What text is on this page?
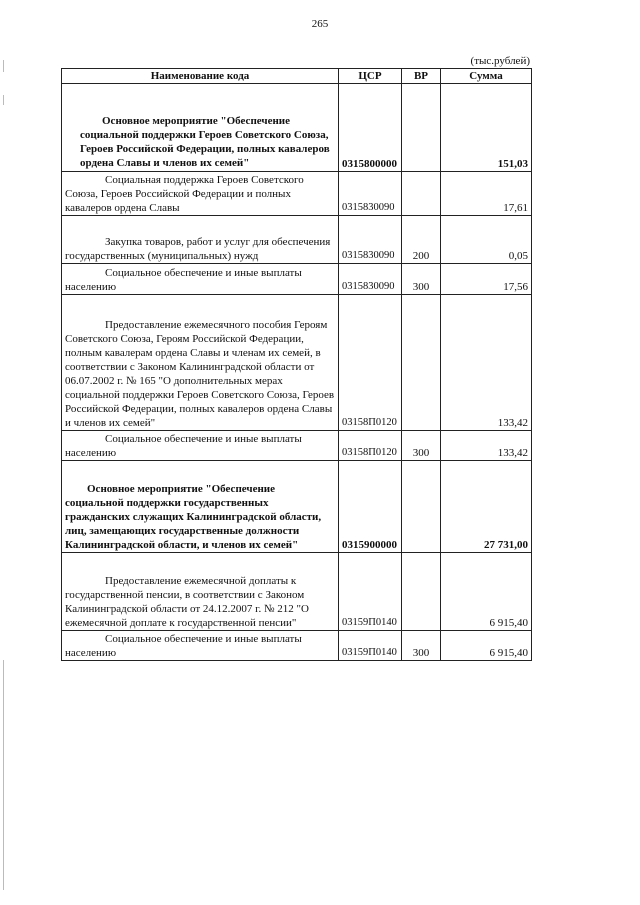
265
(тыс.рублей)
Наименование кода	ЦСР	ВР	Сумма
Основное мероприятие "Обеспечение социальной поддержки Героев Советского Союза, Героев Российской Федерации, полных кавалеров ордена Славы и членов их семей"	0315800000		151,03
Социальная поддержка Героев Советского Союза, Героев Российской Федерации и полных кавалеров ордена Славы	0315830090		17,61
Закупка товаров, работ и услуг для обеспечения государственных (муниципальных) нужд	0315830090	200	0,05
Социальное обеспечение и иные выплаты населению	0315830090	300	17,56
Предоставление ежемесячного пособия Героям Советского Союза, Героям Российской Федерации, полным кавалерам ордена Славы и членам их семей, в соответствии с Законом Калининградской области от 06.07.2002 г. № 165 "О дополнительных мерах социальной поддержки Героев Советского Союза, Героев Российской Федерации, полных кавалеров ордена Славы и членов их семей"	03158П0120		133,42
Социальное обеспечение и иные выплаты населению	03158П0120	300	133,42
Основное мероприятие "Обеспечение социальной поддержки государственных гражданских служащих Калининградской области, лиц, замещающих государственные должности Калининградской области, и членов их семей"	0315900000		27 731,00
Предоставление ежемесячной доплаты к государственной пенсии, в соответствии с Законом Калининградской области от 24.12.2007 г. № 212 "О ежемесячной доплате к государственной пенсии"	03159П0140		6 915,40
Социальное обеспечение и иные выплаты населению	03159П0140	300	6 915,40
